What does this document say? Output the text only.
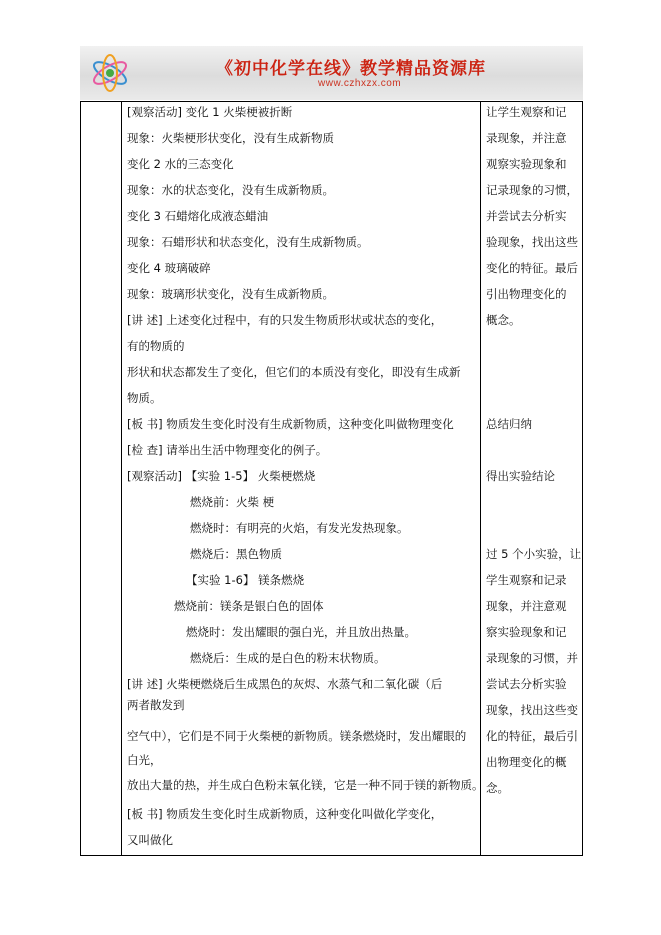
《初中化学在线》教学精品资源库
www.czhxzx.com
[观察活动] 变化 1 火柴梗被折断
现象：火柴梗形状变化，没有生成新物质
变化 2 水的三态变化
现象：水的状态变化，没有生成新物质。
变化 3 石蜡熔化成液态蜡油
现象：石蜡形状和状态变化，没有生成新物质。
变化 4 玻璃破碎
现象：玻璃形状变化，没有生成新物质。
[讲 述] 上述变化过程中，有的只发生物质形状或状态的变化，
有的物质的
形状和状态都发生了变化，但它们的本质没有变化，即没有生成新
物质。
[板 书] 物质发生变化时没有生成新物质，这种变化叫做物理变化
[检 查] 请举出生活中物理变化的例子。
[观察活动] 【实验 1-5】 火柴梗燃烧
燃烧前：火柴 梗
燃烧时：有明亮的火焰，有发光发热现象。
燃烧后：黑色物质
【实验 1-6】 镁条燃烧
燃烧前：镁条是银白色的固体
燃烧时：发出耀眼的强白光，并且放出热量。
燃烧后：生成的是白色的粉末状物质。
[讲 述] 火柴梗燃烧后生成黑色的灰烬、水蒸气和二氧化碳（后
两者散发到
空气中），它们是不同于火柴梗的新物质。镁条燃烧时，发出耀眼的
白光，
放出大量的热，并生成白色粉末氧化镁，它是一种不同于镁的新物质。
[板 书] 物质发生变化时生成新物质，这种变化叫做化学变化，
又叫做化
让学生观察和记
录现象，并注意
观察实验现象和
记录现象的习惯，
并尝试去分析实
验现象，找出这些
变化的特征。最后
引出物理变化的
概念。
总结归纳
得出实验结论
过 5 个小实验，让
学生观察和记录
现象，并注意观
察实验现象和记
录现象的习惯，并
尝试去分析实验
现象，找出这些变
化的特征，最后引
出物理变化的概
念。
